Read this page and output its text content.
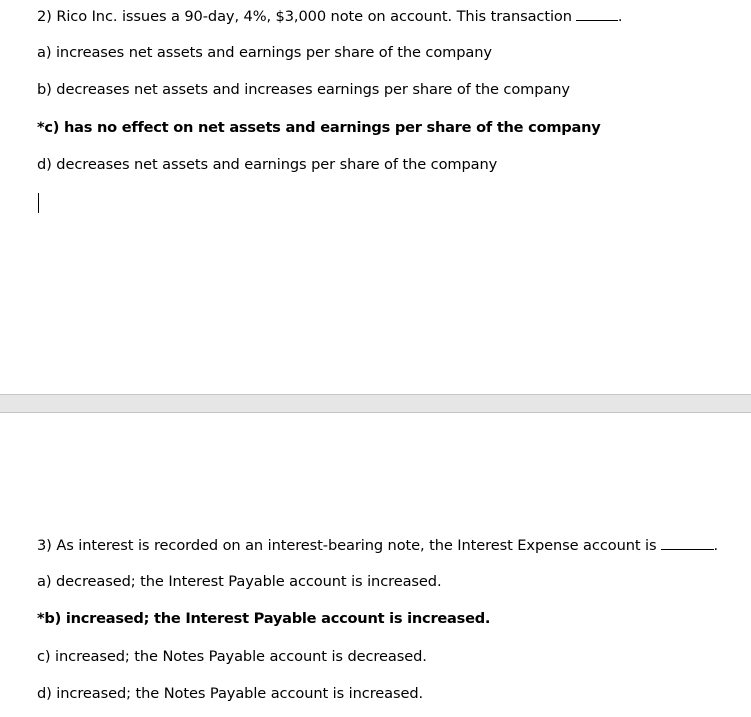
2) Rico Inc. issues a 90-day, 4%, $3,000 note on account. This transaction	.
a) increases net assets and earnings per share of the company
b) decreases net assets and increases earnings per share of the company
*c) has no effect on net assets and earnings per share of the company
d) decreases net assets and earnings per share of the company
3) As interest is recorded on an interest-bearing note, the Interest Expense account is	.
a) decreased; the Interest Payable account is increased.
*b) increased; the Interest Payable account is increased.
c) increased; the Notes Payable account is decreased.
d) increased; the Notes Payable account is increased.
